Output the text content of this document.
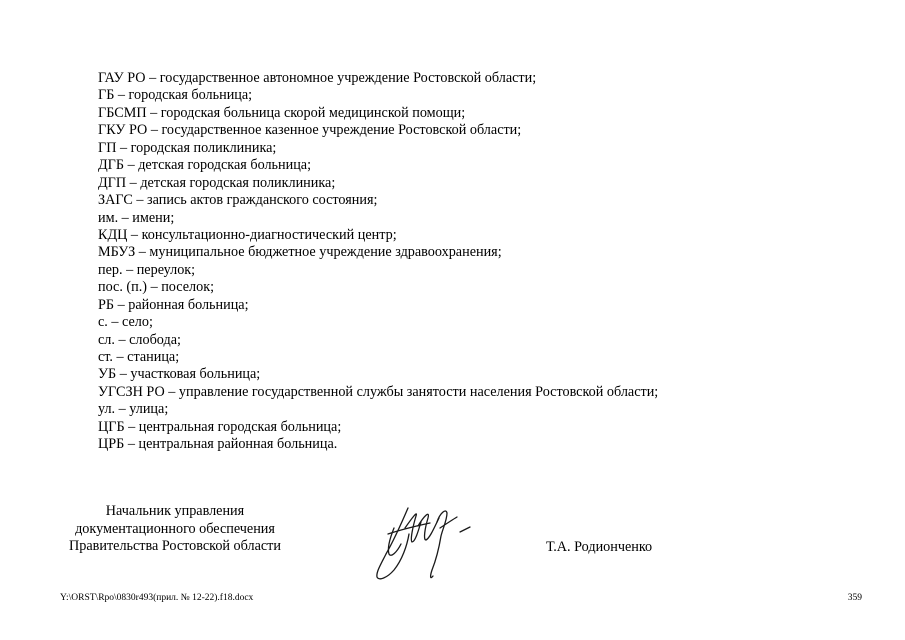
ГАУ РО – государственное автономное учреждение Ростовской области;
ГБ – городская больница;
ГБСМП – городская больница скорой медицинской помощи;
ГКУ РО – государственное казенное учреждение Ростовской области;
ГП – городская поликлиника;
ДГБ – детская городская больница;
ДГП – детская городская поликлиника;
ЗАГС – запись актов гражданского состояния;
им. – имени;
КДЦ – консультационно-диагностический центр;
МБУЗ – муниципальное бюджетное учреждение здравоохранения;
пер. – переулок;
пос. (п.) – поселок;
РБ – районная больница;
с. – село;
сл. – слобода;
ст. – станица;
УБ – участковая больница;
УГСЗН РО – управление государственной службы занятости населения Ростовской области;
ул. – улица;
ЦГБ – центральная городская больница;
ЦРБ – центральная районная больница.
Начальник управления
документационного обеспечения
Правительства Ростовской области	Т.А. Родионченко
Y:\ORST\Rpo\0830r493(прил. № 12-22).f18.docx	359
